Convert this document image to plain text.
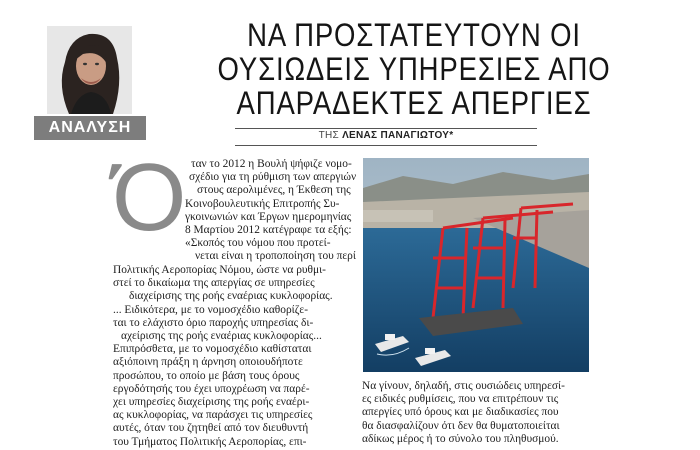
ΑΝΑΛΥΣΗ
ΝΑ ΠΡΟΣΤΑΤΕΥΤΟΥΝ ΟΙ
ΟΥΣΙΩΔΕΙΣ ΥΠΗΡΕΣΙΕΣ ΑΠΟ
ΑΠΑΡΑΔΕΚΤΕΣ ΑΠΕΡΓΙΕΣ
ΤΗΣ ΛΕΝΑΣ ΠΑΝΑΓΙΩΤΟΥ*
Ό ταν το 2012 η Βουλή ψήφιζε νομο-
σχέδιο για τη ρύθμιση των απεργιών
στους αερολιμένες, η Έκθεση της
Κοινοβουλευτικής Επιτροπής Συ-
γκοινωνιών και Έργων ημερομηνίας
8 Μαρτίου 2012 κατέγραφε τα εξής:
«Σκοπός του νόμου που προτεί-
νεται είναι η τροποποίηση του περί
Πολιτικής Αεροπορίας Νόμου, ώστε να ρυθμι-
στεί το δικαίωμα της απεργίας σε υπηρεσίες
διαχείρισης της ροής εναέριας κυκλοφορίας.
... Ειδικότερα, με το νομοσχέδιο καθορίζε-
ται το ελάχιστο όριο παροχής υπηρεσίας δι-
αχείρισης της ροής εναέριας κυκλοφορίας...
Επιπρόσθετα, με το νομοσχέδιο καθίσταται
αξιόποινη πράξη η άρνηση οποιουδήποτε
προσώπου, το οποίο με βάση τους όρους
εργοδότησής του έχει υποχρέωση να παρέ-
χει υπηρεσίες διαχείρισης της ροής εναέρι-
ας κυκλοφορίας, να παράσχει τις υπηρεσίες
αυτές, όταν του ζητηθεί από τον διευθυντή
του Τμήματος Πολιτικής Αεροπορίας, επι-
Να γίνουν, δηλαδή, στις ουσιώδεις υπηρεσί-
ες ειδικές ρυθμίσεις, που να επιτρέπουν τις
απεργίες υπό όρους και με διαδικασίες που
θα διασφαλίζουν ότι δεν θα θυματοποιείται
αδίκως μέρος ή το σύνολο του πληθυσμού.
